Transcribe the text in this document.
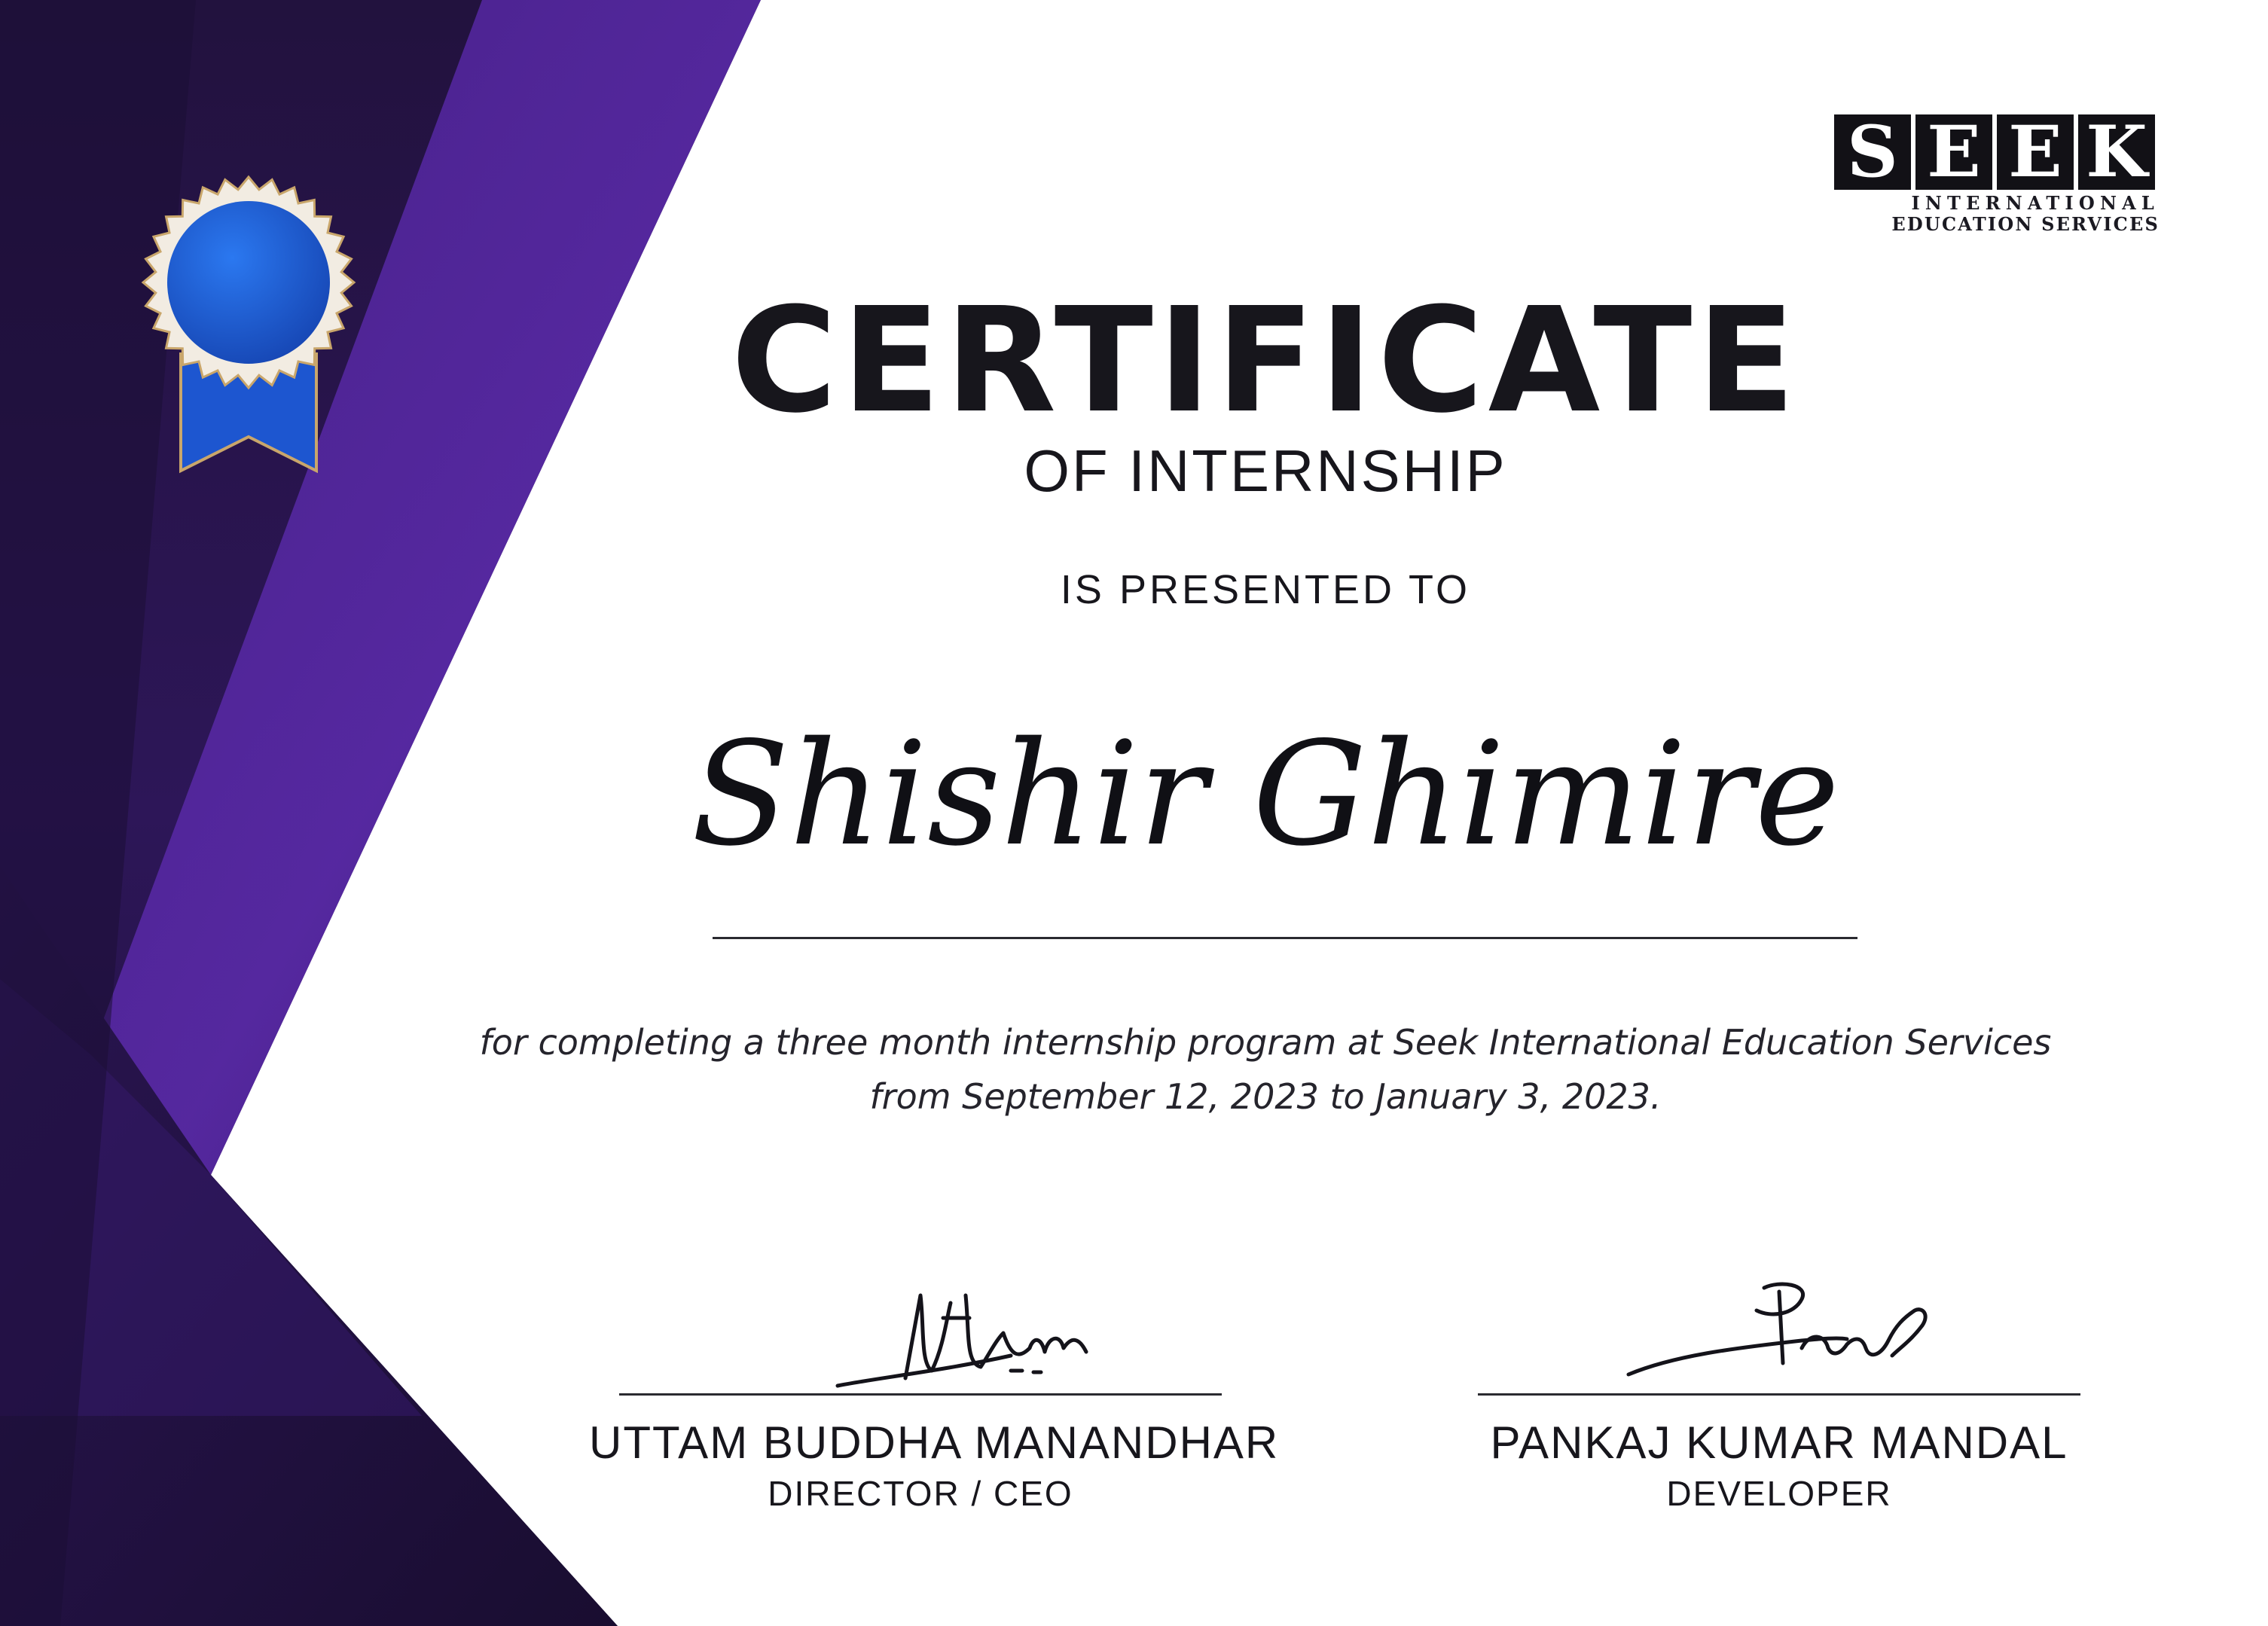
S E E K
INTERNATIONAL
EDUCATION SERVICES
CERTIFICATE
OF INTERNSHIP
IS PRESENTED TO
Shishir Ghimire
for completing a three month internship program at Seek International Education Services from September 12, 2023 to January 3, 2023.
UTTAM BUDDHA MANANDHAR
DIRECTOR / CEO
PANKAJ KUMAR MANDAL
DEVELOPER
